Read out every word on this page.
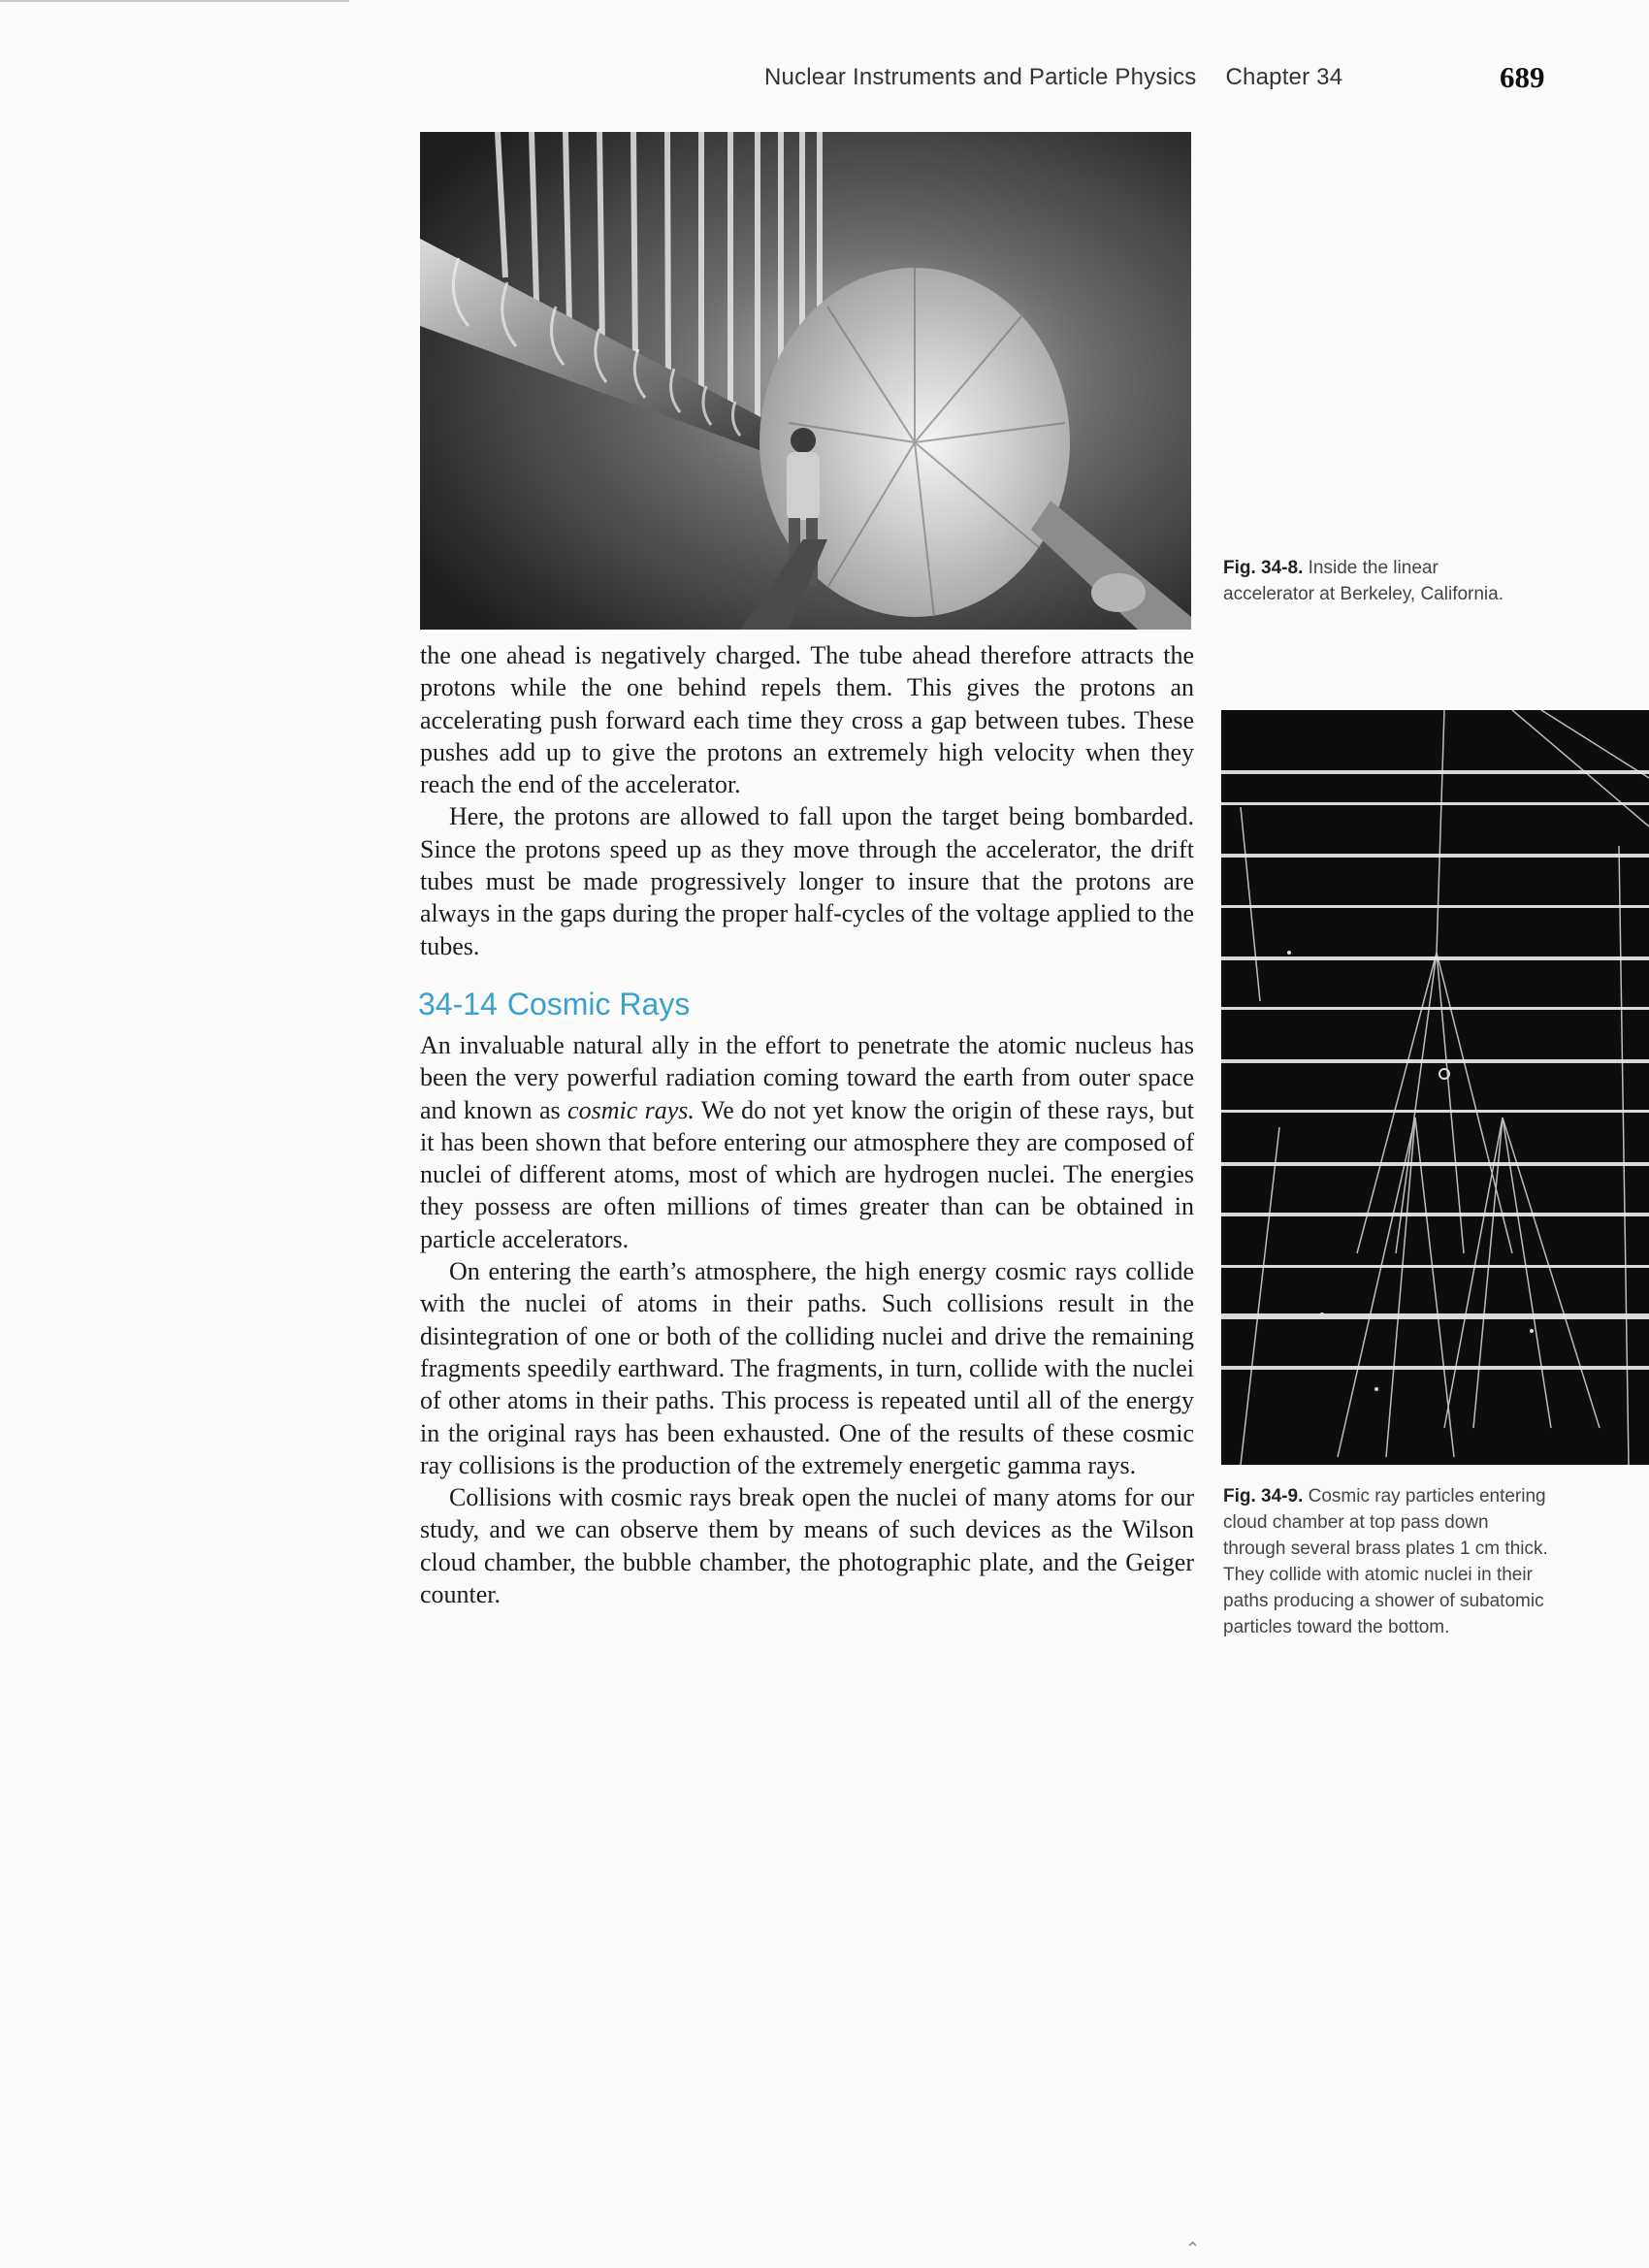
Nuclear Instruments and Particle Physics Chapter 34	689
Fig. 34-8. Inside the linear accelerator at Berkeley, California.
Fig. 34-9. Cosmic ray particles entering cloud chamber at top pass down through several brass plates 1 cm thick. They collide with atomic nuclei in their paths producing a shower of subatomic particles toward the bottom.

the one ahead is negatively charged. The tube ahead therefore attracts the protons while the one behind repels them. This gives the protons an accelerating push forward each time they cross a gap between tubes. These pushes add up to give the protons an extremely high velocity when they reach the end of the accelerator.

Here, the protons are allowed to fall upon the target being bombarded. Since the protons speed up as they move through the accelerator, the drift tubes must be made progressively longer to insure that the protons are always in the gaps during the proper half-cycles of the voltage applied to the tubes.

34-14 Cosmic Rays

An invaluable natural ally in the effort to penetrate the atomic nucleus has been the very powerful radiation coming toward the earth from outer space and known as cosmic rays. We do not yet know the origin of these rays, but it has been shown that before entering our atmosphere they are composed of nuclei of different atoms, most of which are hydrogen nuclei. The energies they possess are often millions of times greater than can be obtained in particle accelerators.

On entering the earth’s atmosphere, the high energy cosmic rays collide with the nuclei of atoms in their paths. Such collisions result in the disintegration of one or both of the colliding nuclei and drive the remaining fragments speedily earthward. The fragments, in turn, collide with the nuclei of other atoms in their paths. This process is repeated until all of the energy in the original rays has been exhausted. One of the results of these cosmic ray collisions is the production of the extremely energetic gamma rays.

Collisions with cosmic rays break open the nuclei of many atoms for our study, and we can observe them by means of such devices as the Wilson cloud chamber, the bubble chamber, the photographic plate, and the Geiger counter.

⌃
